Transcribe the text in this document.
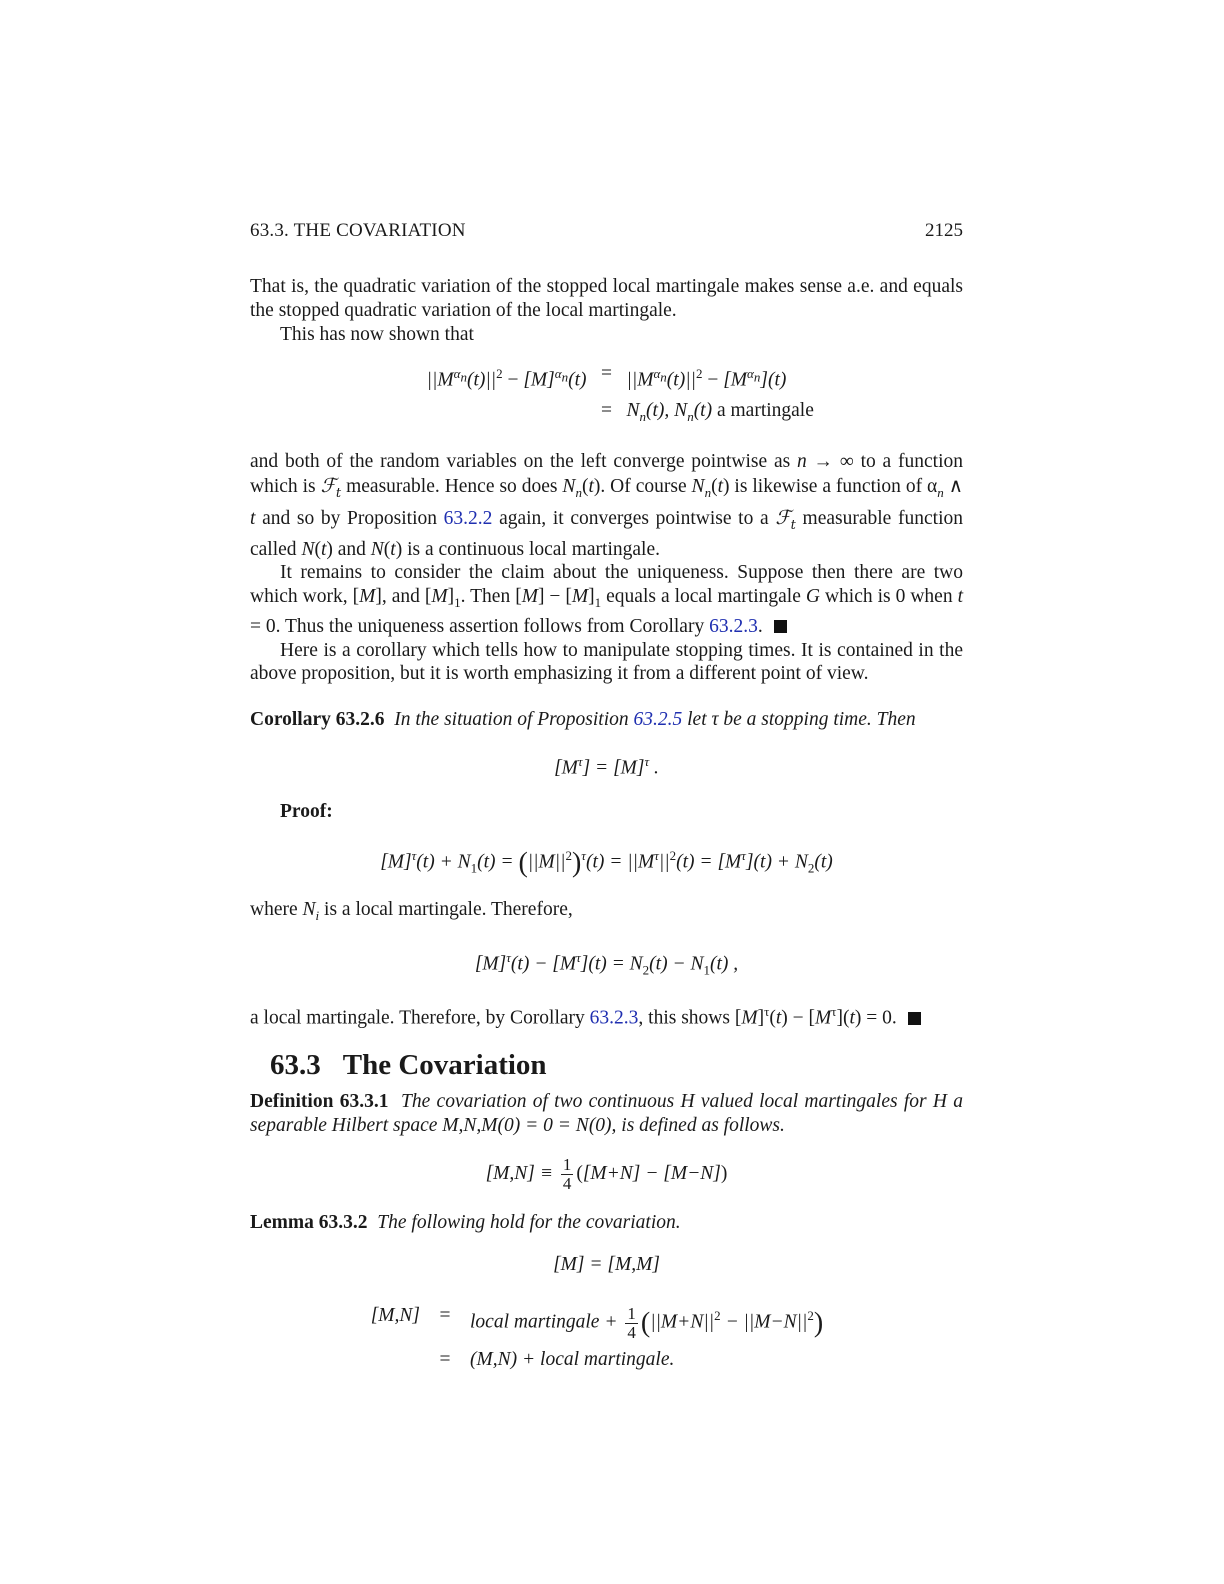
63.3. THE COVARIATION	2125

That is, the quadratic variation of the stopped local martingale makes sense a.e. and equals the stopped quadratic variation of the local martingale.

This has now shown that

$||M^{\alpha_n}(t)||^2 - [M]^{\alpha_n}(t) = ||M^{\alpha_n}(t)||^2 - [M^{\alpha_n}](t)$
= $N_n(t)$, $N_n(t)$ a martingale

and both of the random variables on the left converge pointwise as n → ∞ to a function which is ℱ$_t$ measurable. Hence so does $N_n(t)$. Of course $N_n(t)$ is likewise a function of $\alpha_n$ ∧ t and so by Proposition 63.2.2 again, it converges pointwise to a ℱ$_t$ measurable function called N(t) and N(t) is a continuous local martingale.

It remains to consider the claim about the uniqueness. Suppose then there are two which work, [M], and $[M]_1$. Then $[M] - [M]_1$ equals a local martingale G which is 0 when t = 0. Thus the uniqueness assertion follows from Corollary 63.2.3.

Here is a corollary which tells how to manipulate stopping times. It is contained in the above proposition, but it is worth emphasizing it from a different point of view.

Corollary 63.2.6 In the situation of Proposition 63.2.5 let τ be a stopping time. Then

$[M^\tau] = [M]^\tau$ .

Proof:

$[M]^\tau(t) + N_1(t) = (||M||^2)^\tau(t) = ||M^\tau||^2(t) = [M^\tau](t) + N_2(t)$

where $N_i$ is a local martingale. Therefore,

$[M]^\tau(t) - [M^\tau](t) = N_2(t) - N_1(t)$ ,

a local martingale. Therefore, by Corollary 63.2.3, this shows $[M]^\tau(t) - [M^\tau](t) = 0$.

63.3 The Covariation

Definition 63.3.1 The covariation of two continuous H valued local martingales for H a separable Hilbert space M,N,M(0) = 0 = N(0), is defined as follows.

$[M,N] \equiv \frac{1}{4} ([M+N] - [M-N])$

Lemma 63.3.2 The following hold for the covariation.

[M] = [M,M]
[M,N]	=	local martingale + $\frac{1}{4} (||M+N||^2 - ||M-N||^2)$
=	(M,N) + local martingale.
